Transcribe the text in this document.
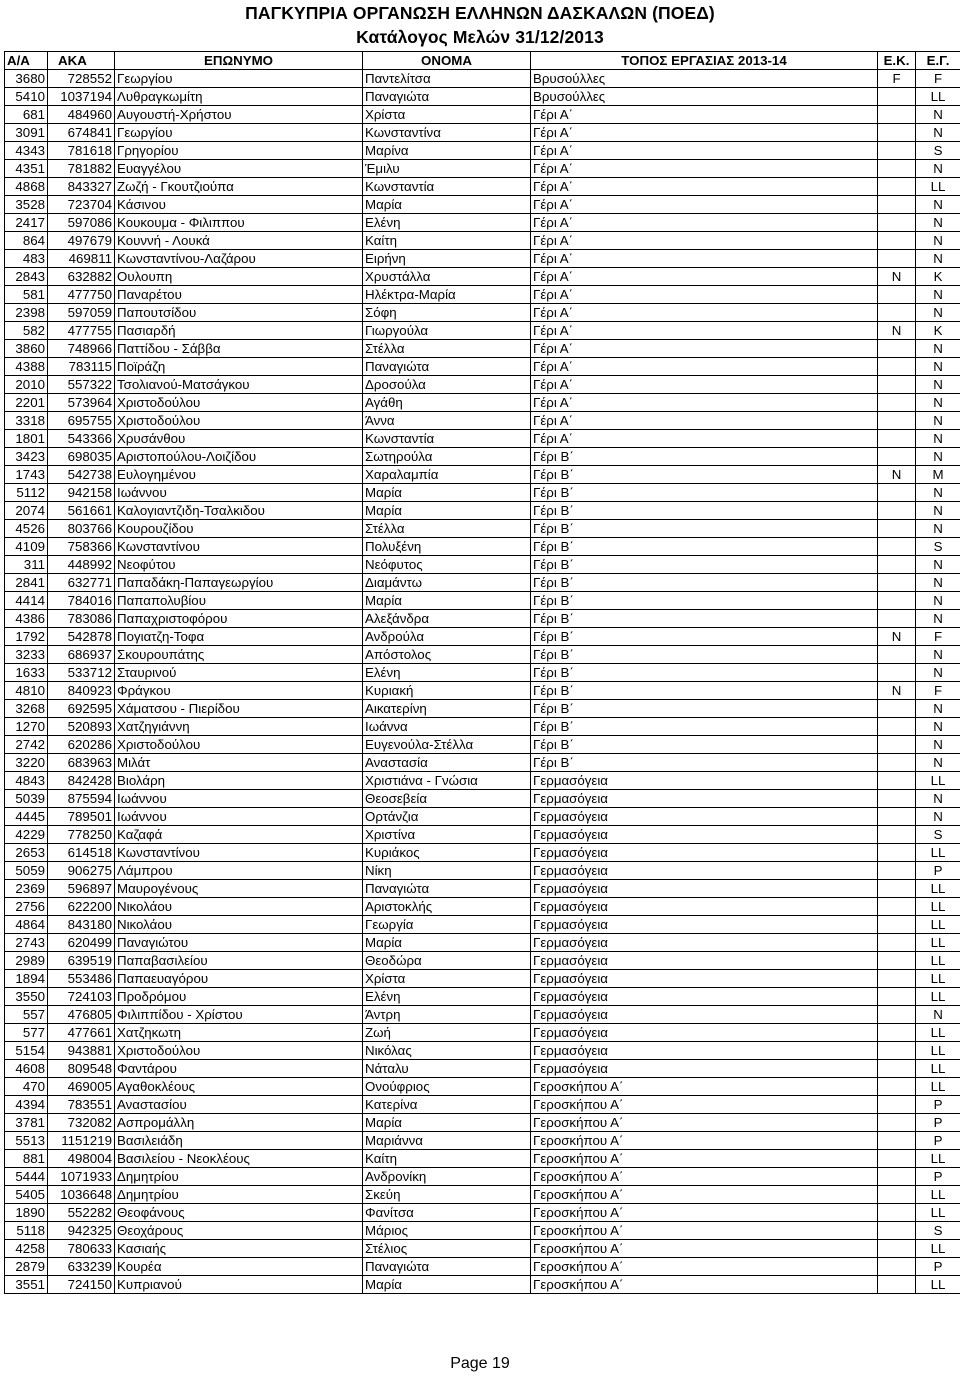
ΠΑΓΚΥΠΡΙΑ ΟΡΓΑΝΩΣΗ ΕΛΛΗΝΩΝ ΔΑΣΚΑΛΩΝ (ΠΟΕΔ)
Κατάλογος Μελών 31/12/2013
Α/Α	ΑΚΑ	ΕΠΩΝΥΜΟ	ΟΝΟΜΑ	ΤΟΠΟΣ ΕΡΓΑΣΙΑΣ 2013-14	Ε.Κ.	Ε.Γ.
3680	728552	Γεωργίου	Παντελίτσα	Βρυσούλλες	F	F
5410	1037194	Λυθραγκωμίτη	Παναγιώτα	Βρυσούλλες		LL
681	484960	Αυγουστή-Χρήστου	Χρίστα	Γέρι Α΄		N
3091	674841	Γεωργίου	Κωνσταντίνα	Γέρι Α΄		N
4343	781618	Γρηγορίου	Μαρίνα	Γέρι Α΄		S
4351	781882	Ευαγγέλου	Έμιλυ	Γέρι Α΄		N
4868	843327	Ζωζή - Γκουτζιούπα	Κωνσταντία	Γέρι Α΄		LL
3528	723704	Κάσινου	Μαρία	Γέρι Α΄		N
2417	597086	Κουκουμα - Φιλιππου	Ελένη	Γέρι Α΄		N
864	497679	Κουννή - Λουκά	Καίτη	Γέρι Α΄		N
483	469811	Κωνσταντίνου-Λαζάρου	Ειρήνη	Γέρι Α΄		N
2843	632882	Ουλουπη	Χρυστάλλα	Γέρι Α΄	N	K
581	477750	Παναρέτου	Ηλέκτρα-Μαρία	Γέρι Α΄		N
2398	597059	Παπουτσίδου	Σόφη	Γέρι Α΄		N
582	477755	Πασιαρδή	Γιωργούλα	Γέρι Α΄	N	K
3860	748966	Παττίδου - Σάββα	Στέλλα	Γέρι Α΄		N
4388	783115	Ποϊράζη	Παναγιώτα	Γέρι Α΄		N
2010	557322	Τσολιανού-Ματσάγκου	Δροσούλα	Γέρι Α΄		N
2201	573964	Χριστοδούλου	Αγάθη	Γέρι Α΄		N
3318	695755	Χριστοδούλου	Άννα	Γέρι Α΄		N
1801	543366	Χρυσάνθου	Κωνσταντία	Γέρι Α΄		N
3423	698035	Αριστοπούλου-Λοιζίδου	Σωτηρούλα	Γέρι Β΄		N
1743	542738	Ευλογημένου	Χαραλαμπία	Γέρι Β΄	N	M
5112	942158	Ιωάννου	Μαρία	Γέρι Β΄		N
2074	561661	Καλογιαντζιδη-Τσαλκιδου	Μαρία	Γέρι Β΄		N
4526	803766	Κουρουζίδου	Στέλλα	Γέρι Β΄		N
4109	758366	Κωνσταντίνου	Πολυξένη	Γέρι Β΄		S
311	448992	Νεοφύτου	Νεόφυτος	Γέρι Β΄		N
2841	632771	Παπαδάκη-Παπαγεωργίου	Διαμάντω	Γέρι Β΄		N
4414	784016	Παπαπολυβίου	Μαρία	Γέρι Β΄		N
4386	783086	Παπαχριστοφόρου	Αλεξάνδρα	Γέρι Β΄		N
1792	542878	Πογιατζη-Τοφα	Ανδρούλα	Γέρι Β΄	N	F
3233	686937	Σκουρουπάτης	Απόστολος	Γέρι Β΄		N
1633	533712	Σταυρινού	Ελένη	Γέρι Β΄		N
4810	840923	Φράγκου	Κυριακή	Γέρι Β΄	N	F
3268	692595	Χάματσου - Πιερίδου	Αικατερίνη	Γέρι Β΄		N
1270	520893	Χατζηγιάννη	Ιωάννα	Γέρι Β΄		N
2742	620286	Χριστοδούλου	Ευγενούλα-Στέλλα	Γέρι Β΄		N
3220	683963	Μιλάτ	Αναστασία	Γέρι Β΄		N
4843	842428	Βιολάρη	Χριστιάνα - Γνώσια	Γερμασόγεια		LL
5039	875594	Ιωάννου	Θεοσεβεία	Γερμασόγεια		N
4445	789501	Ιωάννου	Ορτάνζια	Γερμασόγεια		N
4229	778250	Καζαφά	Χριστίνα	Γερμασόγεια		S
2653	614518	Κωνσταντίνου	Κυριάκος	Γερμασόγεια		LL
5059	906275	Λάμπρου	Νίκη	Γερμασόγεια		P
2369	596897	Μαυρογένους	Παναγιώτα	Γερμασόγεια		LL
2756	622200	Νικολάου	Αριστοκλής	Γερμασόγεια		LL
4864	843180	Νικολάου	Γεωργία	Γερμασόγεια		LL
2743	620499	Παναγιώτου	Μαρία	Γερμασόγεια		LL
2989	639519	Παπαβασιλείου	Θεοδώρα	Γερμασόγεια		LL
1894	553486	Παπαευαγόρου	Χρίστα	Γερμασόγεια		LL
3550	724103	Προδρόμου	Ελένη	Γερμασόγεια		LL
557	476805	Φιλιππίδου - Χρίστου	Άντρη	Γερμασόγεια		N
577	477661	Χατζηκωτη	Ζωή	Γερμασόγεια		LL
5154	943881	Χριστοδούλου	Νικόλας	Γερμασόγεια		LL
4608	809548	Φαντάρου	Νάταλυ	Γερμασόγεια		LL
470	469005	Αγαθοκλέους	Ονούφριος	Γεροσκήπου Α΄		LL
4394	783551	Αναστασίου	Κατερίνα	Γεροσκήπου Α΄		P
3781	732082	Ασπρομάλλη	Μαρία	Γεροσκήπου Α΄		P
5513	1151219	Βασιλειάδη	Μαριάννα	Γεροσκήπου Α΄		P
881	498004	Βασιλείου - Νεοκλέους	Καίτη	Γεροσκήπου Α΄		LL
5444	1071933	Δημητρίου	Ανδρονίκη	Γεροσκήπου Α΄		P
5405	1036648	Δημητρίου	Σκεύη	Γεροσκήπου Α΄		LL
1890	552282	Θεοφάνους	Φανίτσα	Γεροσκήπου Α΄		LL
5118	942325	Θεοχάρους	Μάριος	Γεροσκήπου Α΄		S
4258	780633	Κασιαής	Στέλιος	Γεροσκήπου Α΄		LL
2879	633239	Κουρέα	Παναγιώτα	Γεροσκήπου Α΄		P
3551	724150	Κυπριανού	Μαρία	Γεροσκήπου Α΄		LL
Page 19
